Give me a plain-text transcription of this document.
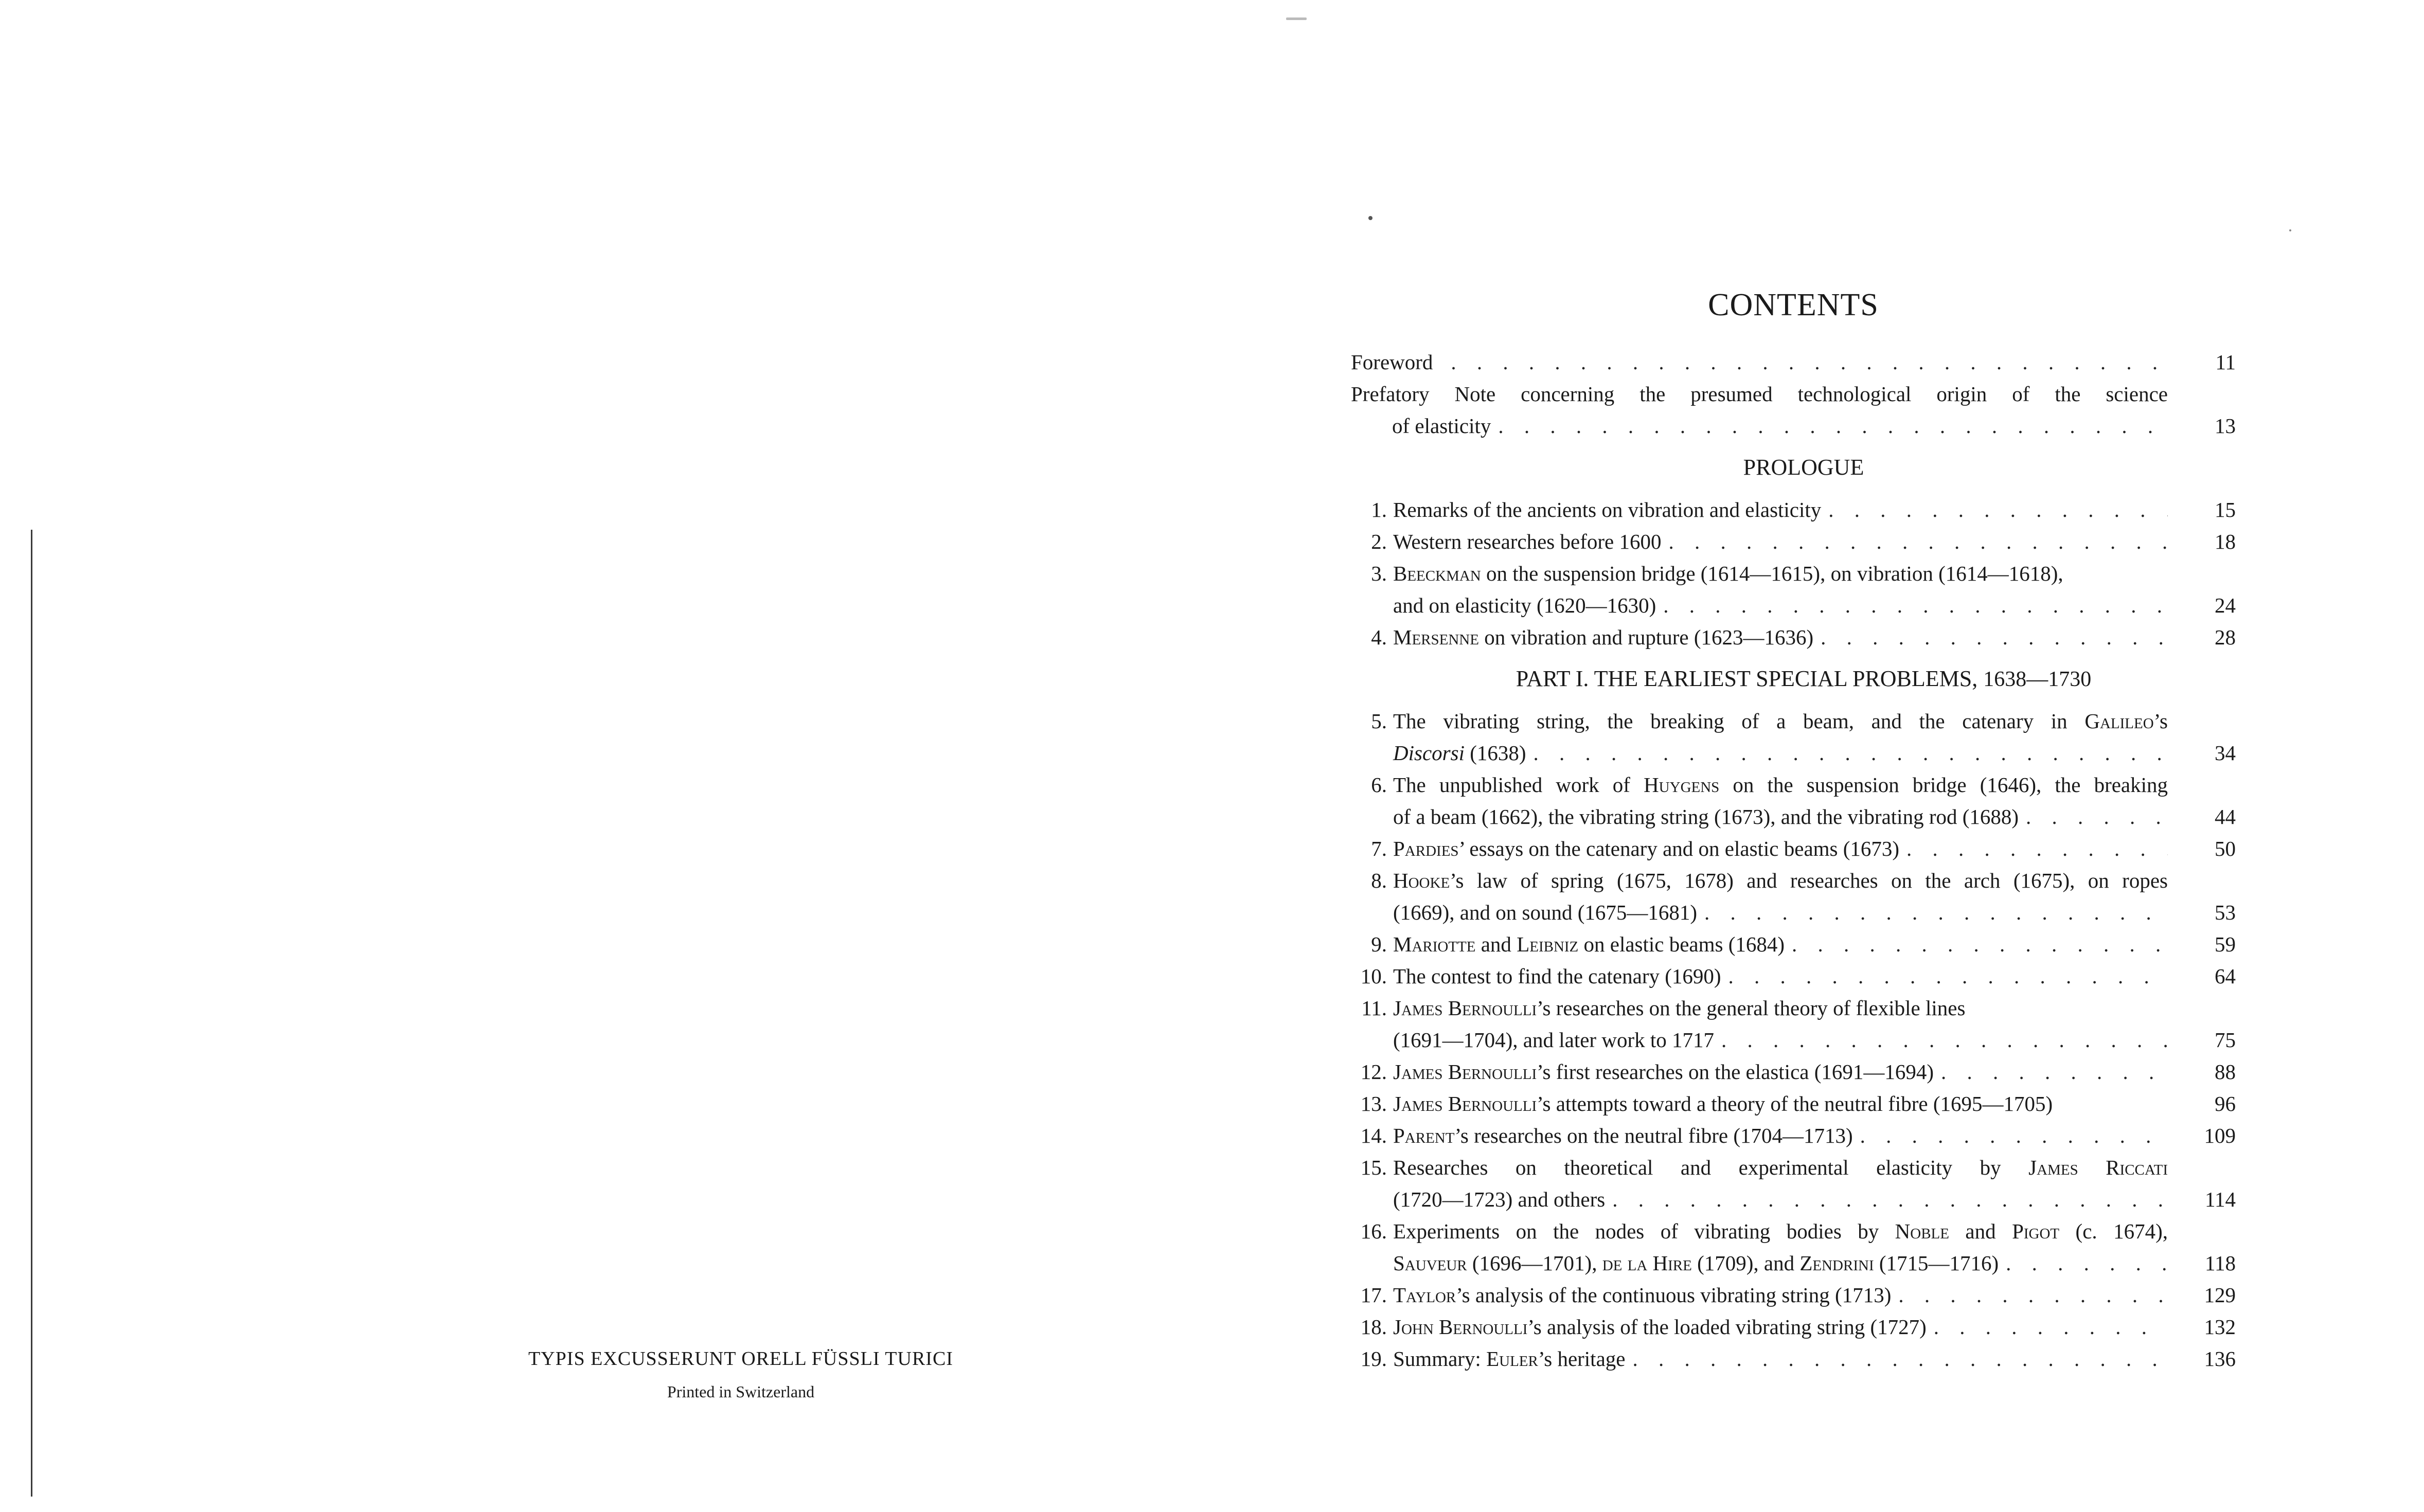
TYPIS EXCUSSERUNT ORELL FÜSSLI TURICI
Printed in Switzerland
CONTENTS
Foreword . . .	11
Prefatory Note concerning the presumed technological origin of the science
of elasticity . . .	13
PROLOGUE
1. Remarks of the ancients on vibration and elasticity . . .	15
2. Western researches before 1600 . . .	18
3. Beeckman on the suspension bridge (1614—1615), on vibration (1614—1618),
and on elasticity (1620—1630) . . .	24
4. Mersenne on vibration and rupture (1623—1636) . . .	28
PART I. THE EARLIEST SPECIAL PROBLEMS, 1638—1730
5. The vibrating string, the breaking of a beam, and the catenary in Galileo’s
Discorsi (1638) . . .	34
6. The unpublished work of Huygens on the suspension bridge (1646), the breaking
of a beam (1662), the vibrating string (1673), and the vibrating rod (1688) . . .	44
7. Pardies’ essays on the catenary and on elastic beams (1673) . . .	50
8. Hooke’s law of spring (1675, 1678) and researches on the arch (1675), on ropes
(1669), and on sound (1675—1681) . . .	53
9. Mariotte and Leibniz on elastic beams (1684) . . .	59
10. The contest to find the catenary (1690) . . .	64
11. James Bernoulli’s researches on the general theory of flexible lines
(1691—1704), and later work to 1717 . . .	75
12. James Bernoulli’s first researches on the elastica (1691—1694) . . .	88
13. James Bernoulli’s attempts toward a theory of the neutral fibre (1695—1705)	96
14. Parent’s researches on the neutral fibre (1704—1713) . . .	109
15. Researches on theoretical and experimental elasticity by James Riccati
(1720—1723) and others . . .	114
16. Experiments on the nodes of vibrating bodies by Noble and Pigot (c. 1674),
Sauveur (1696—1701), de la Hire (1709), and Zendrini (1715—1716) . . .	118
17. Taylor’s analysis of the continuous vibrating string (1713) . . .	129
18. John Bernoulli’s analysis of the loaded vibrating string (1727) . . .	132
19. Summary: Euler’s heritage . . .	136
